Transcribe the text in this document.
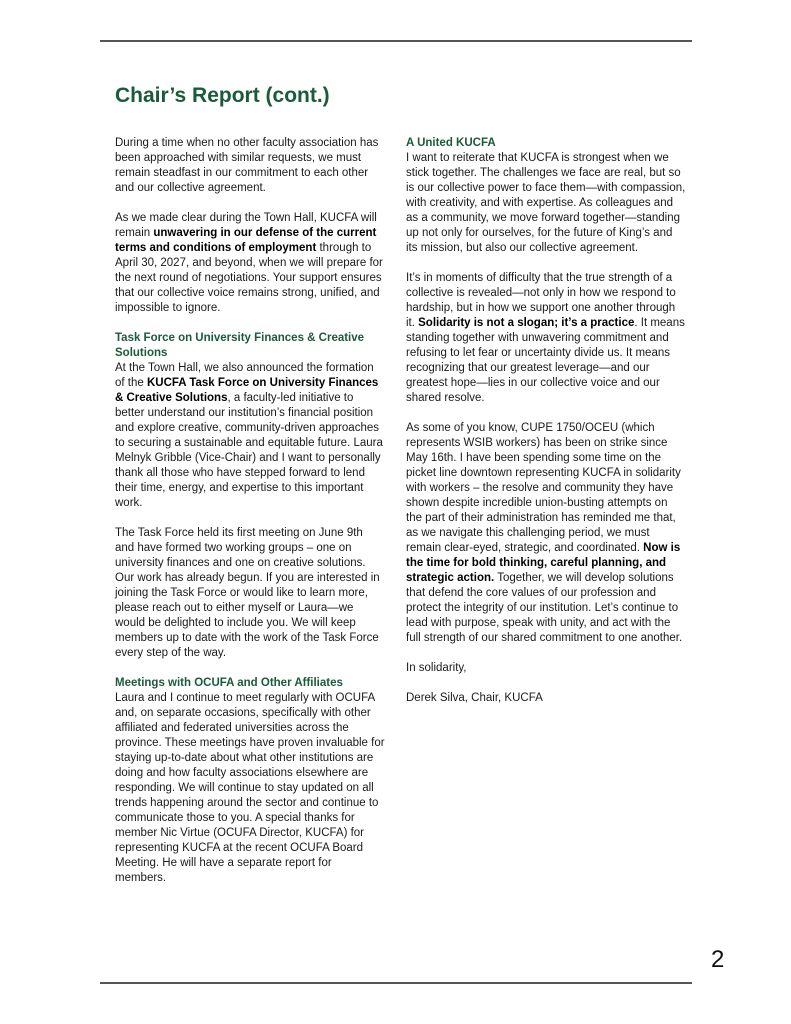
Chair’s Report (cont.)

During a time when no other faculty association has been approached with similar requests, we must remain steadfast in our commitment to each other and our collective agreement.

As we made clear during the Town Hall, KUCFA will remain unwavering in our defense of the current terms and conditions of employment through to April 30, 2027, and beyond, when we will prepare for the next round of negotiations. Your support ensures that our collective voice remains strong, unified, and impossible to ignore.

Task Force on University Finances & Creative Solutions

At the Town Hall, we also announced the formation of the KUCFA Task Force on University Finances & Creative Solutions, a faculty-led initiative to better understand our institution’s financial position and explore creative, community-driven approaches to securing a sustainable and equitable future. Laura Melnyk Gribble (Vice-Chair) and I want to personally thank all those who have stepped forward to lend their time, energy, and expertise to this important work.

The Task Force held its first meeting on June 9th and have formed two working groups – one on university finances and one on creative solutions. Our work has already begun. If you are interested in joining the Task Force or would like to learn more, please reach out to either myself or Laura—we would be delighted to include you. We will keep members up to date with the work of the Task Force every step of the way.

Meetings with OCUFA and Other Affiliates

Laura and I continue to meet regularly with OCUFA and, on separate occasions, specifically with other affiliated and federated universities across the province. These meetings have proven invaluable for staying up-to-date about what other institutions are doing and how faculty associations elsewhere are responding. We will continue to stay updated on all trends happening around the sector and continue to communicate those to you. A special thanks for member Nic Virtue (OCUFA Director, KUCFA) for representing KUCFA at the recent OCUFA Board Meeting. He will have a separate report for members.

A United KUCFA

I want to reiterate that KUCFA is strongest when we stick together. The challenges we face are real, but so is our collective power to face them—with compassion, with creativity, and with expertise. As colleagues and as a community, we move forward together—standing up not only for ourselves, for the future of King’s and its mission, but also our collective agreement.

It’s in moments of difficulty that the true strength of a collective is revealed—not only in how we respond to hardship, but in how we support one another through it. Solidarity is not a slogan; it’s a practice. It means standing together with unwavering commitment and refusing to let fear or uncertainty divide us. It means recognizing that our greatest leverage—and our greatest hope—lies in our collective voice and our shared resolve.

As some of you know, CUPE 1750/OCEU (which represents WSIB workers) has been on strike since May 16th. I have been spending some time on the picket line downtown representing KUCFA in solidarity with workers – the resolve and community they have shown despite incredible union-busting attempts on the part of their administration has reminded me that, as we navigate this challenging period, we must remain clear-eyed, strategic, and coordinated. Now is the time for bold thinking, careful planning, and strategic action. Together, we will develop solutions that defend the core values of our profession and protect the integrity of our institution. Let’s continue to lead with purpose, speak with unity, and act with the full strength of our shared commitment to one another.

In solidarity,

Derek Silva, Chair, KUCFA

2
